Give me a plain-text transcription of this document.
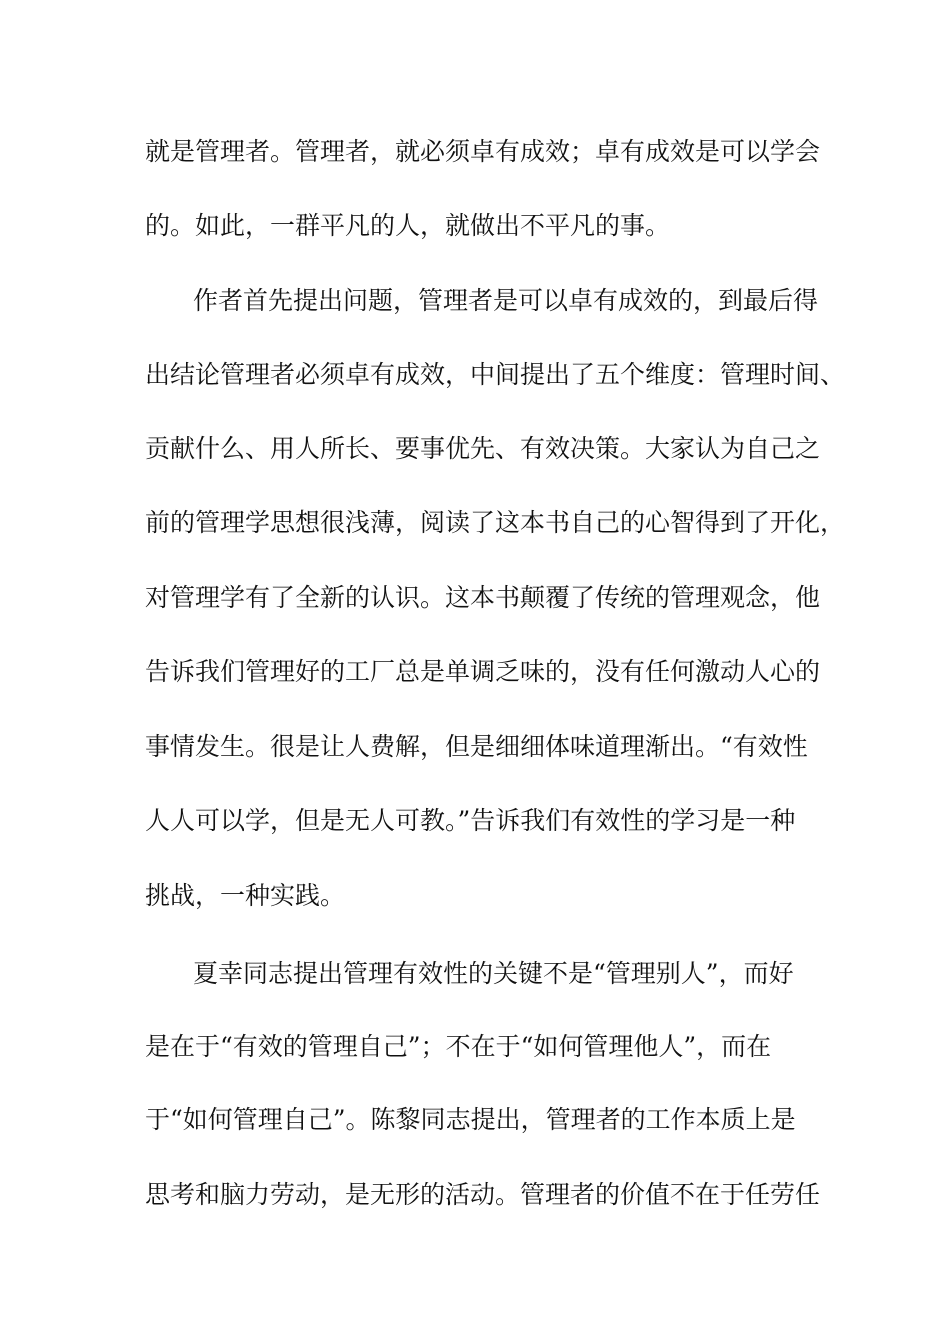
就是管理者。管理者，就必须卓有成效；卓有成效是可以学会
的。如此，一群平凡的人，就做出不平凡的事。
作者首先提出问题，管理者是可以卓有成效的，到最后得
出结论管理者必须卓有成效，中间提出了五个维度：管理时间、
贡献什么、用人所长、要事优先、有效决策。大家认为自己之
前的管理学思想很浅薄，阅读了这本书自己的心智得到了开化，
对管理学有了全新的认识。这本书颠覆了传统的管理观念，他
告诉我们管理好的工厂总是单调乏味的，没有任何激动人心的
事情发生。很是让人费解，但是细细体味道理渐出。“有效性
人人可以学，但是无人可教。”告诉我们有效性的学习是一种
挑战，一种实践。
夏幸同志提出管理有效性的关键不是“管理别人”，而好
是在于“有效的管理自己”；不在于“如何管理他人”，而在
于“如何管理自己”。陈黎同志提出，管理者的工作本质上是
思考和脑力劳动，是无形的活动。管理者的价值不在于任劳任
